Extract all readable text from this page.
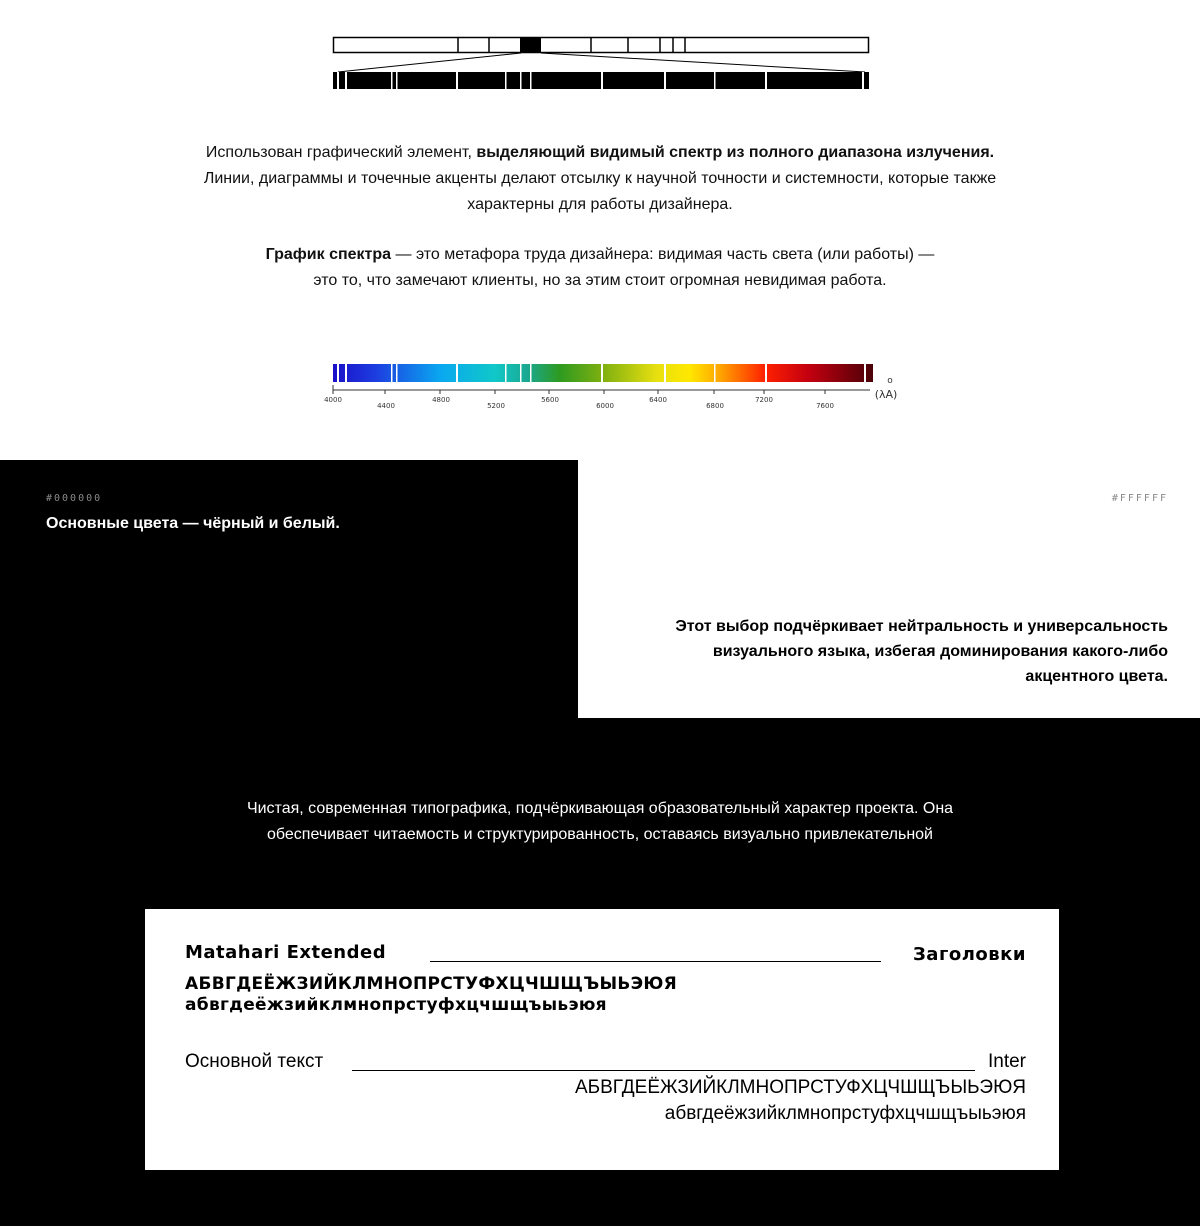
Использован графический элемент, выделяющий видимый спектр из полного диапазона излучения. Линии, диаграммы и точечные акценты делают отсылку к научной точности и системности, которые также характерны для работы дизайнера.
График спектра — это метафора труда дизайнера: видимая часть света (или работы) — это то, что замечают клиенты, но за этим стоит огромная невидимая работа.
4000
4400
4800
5200
5600
6000
6400
6800
7200
7600
o
(λA)
#000000	#FFFFFF
Основные цвета — чёрный и белый.
Этот выбор подчёркивает нейтральность и универсальность визуального языка, избегая доминирования какого-либо акцентного цвета.
Чистая, современная типографика, подчёркивающая образовательный характер проекта. Она обеспечивает читаемость и структурированность, оставаясь визуально привлекательной
Matahari Extended	Заголовки
АБВГДЕЁЖЗИЙКЛМНОПРСТУФХЦЧШЩЪЫЬЭЮЯ
абвгдеёжзийклмнопрстуфхцчшщъыьэюя
Основной текст	Inter
АБВГДЕЁЖЗИЙКЛМНОПРСТУФХЦЧШЩЪЫЬЭЮЯ
абвгдеёжзийклмнопрстуфхцчшщъыьэюя
